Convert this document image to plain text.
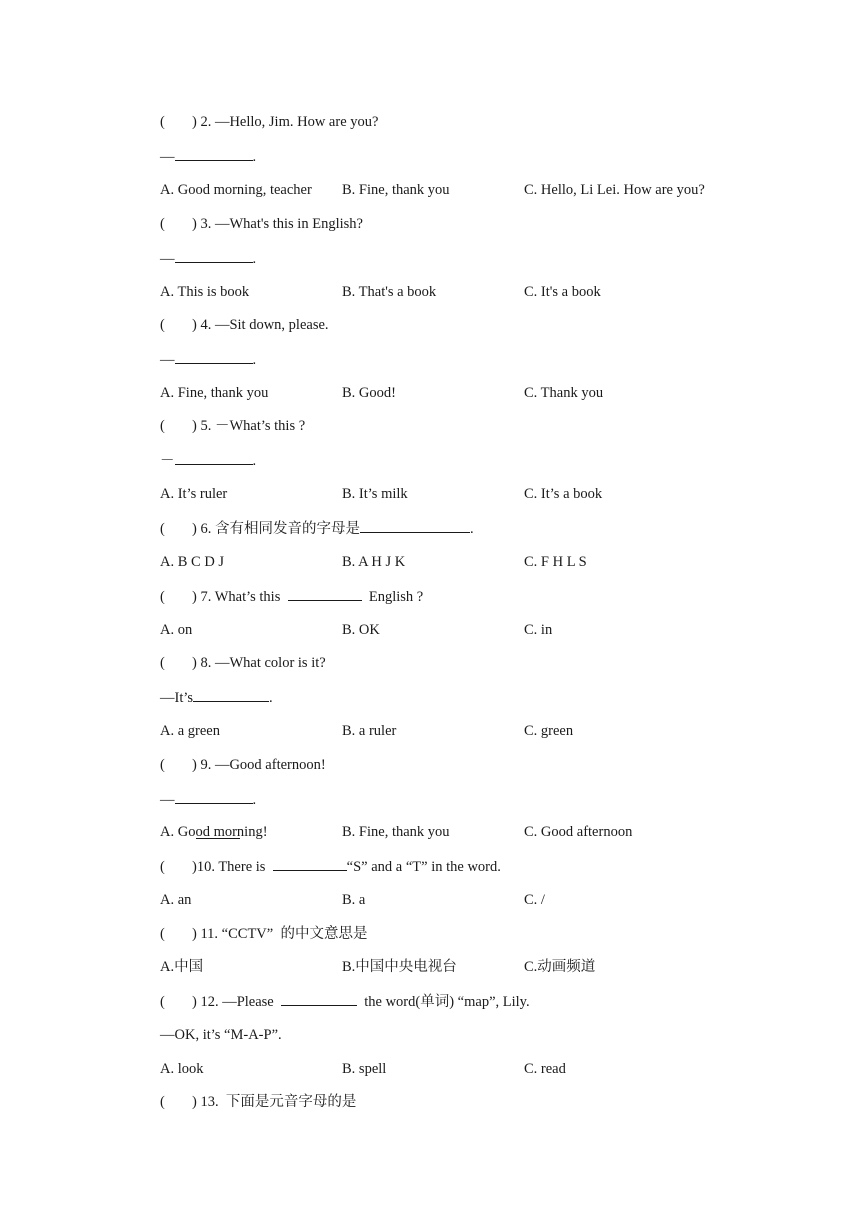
( ) 2. —Hello, Jim. How are you?
—	.
A. Good morning, teacher B. Fine, thank you	C. Hello, Li Lei. How are you?
( ) 3. —What's this in English?
—	.
A. This is book	B. That's a book	C. It's a book
( ) 4. —Sit down, please.
—	.
A. Fine, thank you	B. Good!	C. Thank you
( ) 5. －What’s this ?
－	.
A. It’s ruler	B. It’s milk	C. It’s a book
( ) 6. 含有相同发音的字母是	.
A. B C D J	B. A H J K	C. F H L S
( ) 7. What’s this	English ?
A. on	B. OK	C. in
( ) 8. —What color is it?
—It’s	.
A. a green	B. a ruler	C. green
( ) 9. —Good afternoon!
—	.
A. Good morning!	B. Fine, thank you	C. Good afternoon
( )10. There is	“S” and a “T” in the word.
A. an	B. a	C. /
( ) 11. “CCTV”  的中文意思是
A.中国	B.中国中央电视台	C.动画频道
( ) 12. ―Please	the word(单词) “map”, Lily.
―OK, it’s “M-A-P”.
A. look	B. spell	C. read
( ) 13.  下面是元音字母的是
